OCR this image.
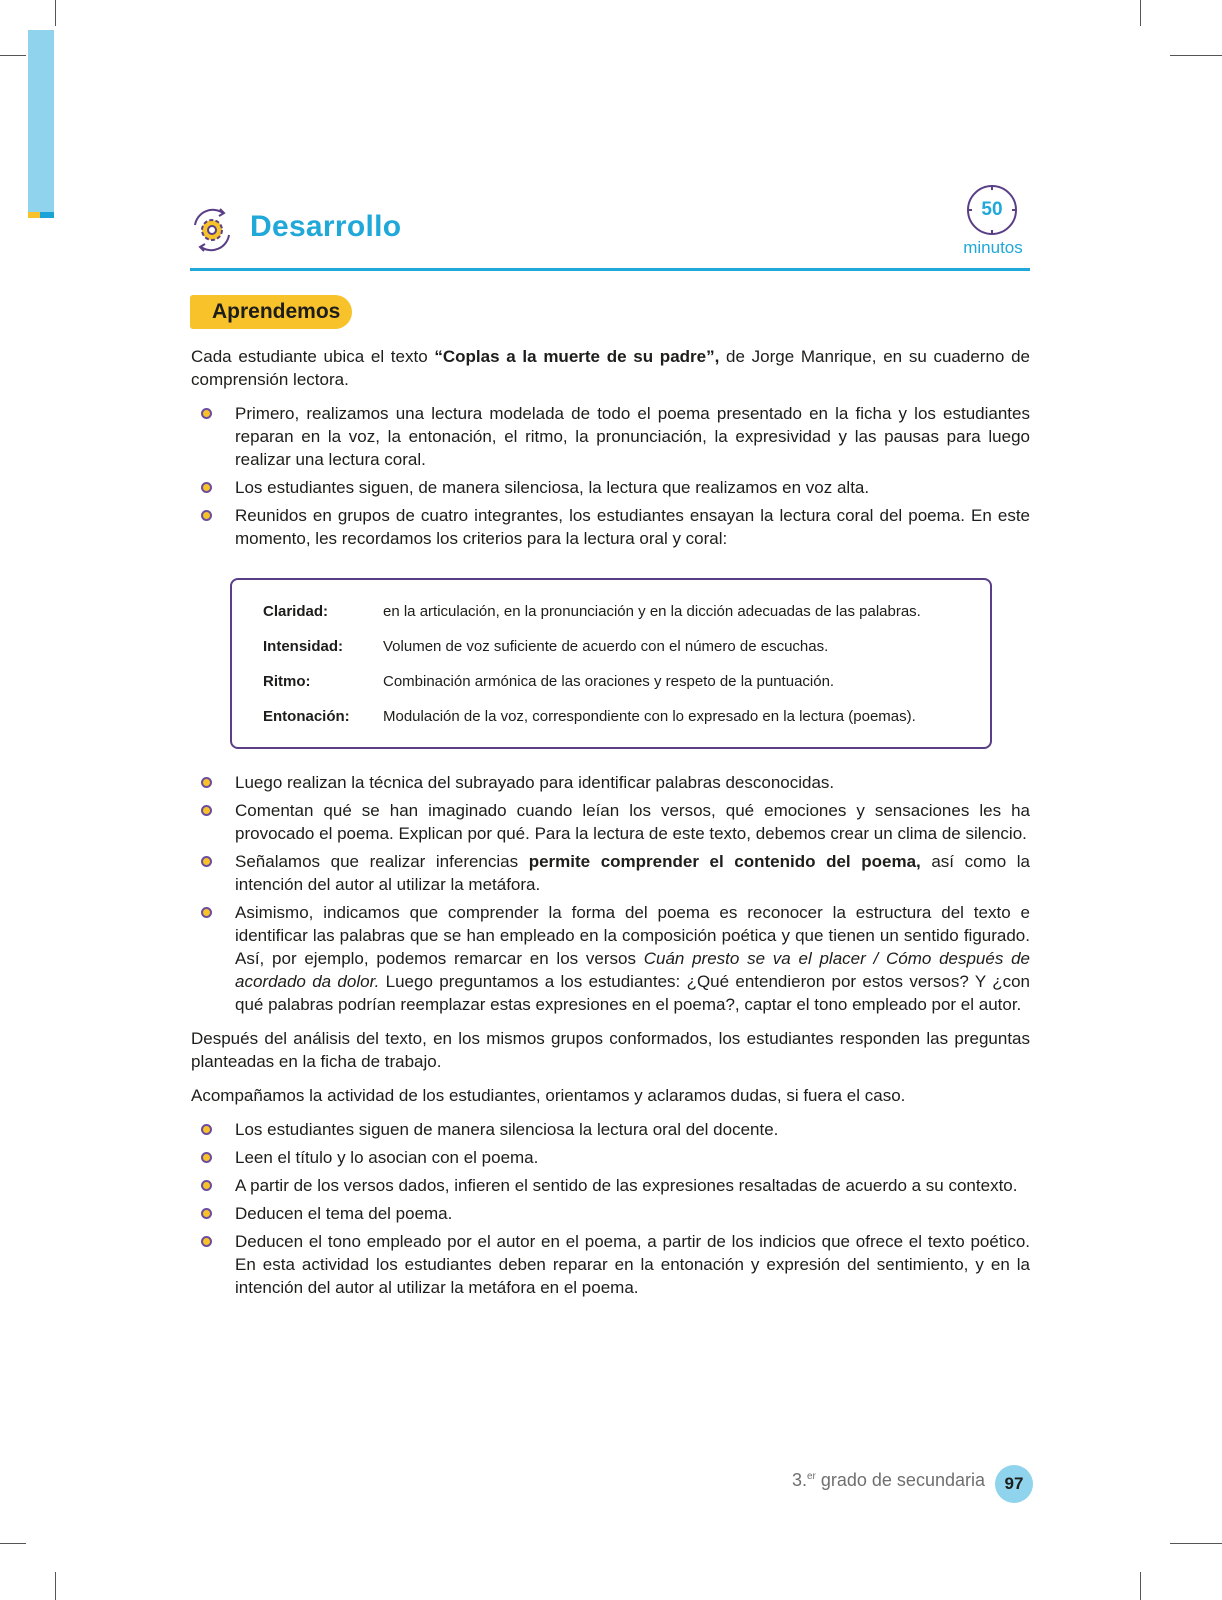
Desarrollo
50
minutos
Aprendemos

Cada estudiante ubica el texto “Coplas a la muerte de su padre”, de Jorge Manrique, en su cuaderno de comprensión lectora.

Primero, realizamos una lectura modelada de todo el poema presentado en la ficha y los estudiantes reparan en la voz, la entonación, el ritmo, la pronunciación, la expresividad y las pausas para luego realizar una lectura coral.
Los estudiantes siguen, de manera silenciosa, la lectura que realizamos en voz alta.
Reunidos en grupos de cuatro integrantes, los estudiantes ensayan la lectura coral del poema. En este momento, les recordamos los criterios para la lectura oral y coral:
Claridad:	en la articulación, en la pronunciación y en la dicción adecuadas de las palabras.
Intensidad:	Volumen de voz suficiente de acuerdo con el número de escuchas.
Ritmo:	Combinación armónica de las oraciones y respeto de la puntuación.
Entonación:	Modulación de la voz, correspondiente con lo expresado en la lectura (poemas).
Luego realizan la técnica del subrayado para identificar palabras desconocidas.
Comentan qué se han imaginado cuando leían los versos, qué emociones y sensaciones les ha provocado el poema. Explican por qué. Para la lectura de este texto, debemos crear un clima de silencio.
Señalamos que realizar inferencias permite comprender el contenido del poema, así como la intención del autor al utilizar la metáfora.
Asimismo, indicamos que comprender la forma del poema es reconocer la estructura del texto e identificar las palabras que se han empleado en la composición poética y que tienen un sentido figurado. Así, por ejemplo, podemos remarcar en los versos Cuán presto se va el placer / Cómo después de acordado da dolor. Luego preguntamos a los estudiantes: ¿Qué entendieron por estos versos? Y ¿con qué palabras podrían reemplazar estas expresiones en el poema?, captar el tono empleado por el autor.

Después del análisis del texto, en los mismos grupos conformados, los estudiantes responden las preguntas planteadas en la ficha de trabajo.

Acompañamos la actividad de los estudiantes, orientamos y aclaramos dudas, si fuera el caso.

Los estudiantes siguen de manera silenciosa la lectura oral del docente.
Leen el título y lo asocian con el poema.
A partir de los versos dados, infieren el sentido de las expresiones resaltadas de acuerdo a su contexto.
Deducen el tema del poema.
Deducen el tono empleado por el autor en el poema, a partir de los indicios que ofrece el texto poético. En esta actividad los estudiantes deben reparar en la entonación y expresión del sentimiento, y en la intención del autor al utilizar la metáfora en el poema.
3.$^{er}$ grado de secundaria	97
